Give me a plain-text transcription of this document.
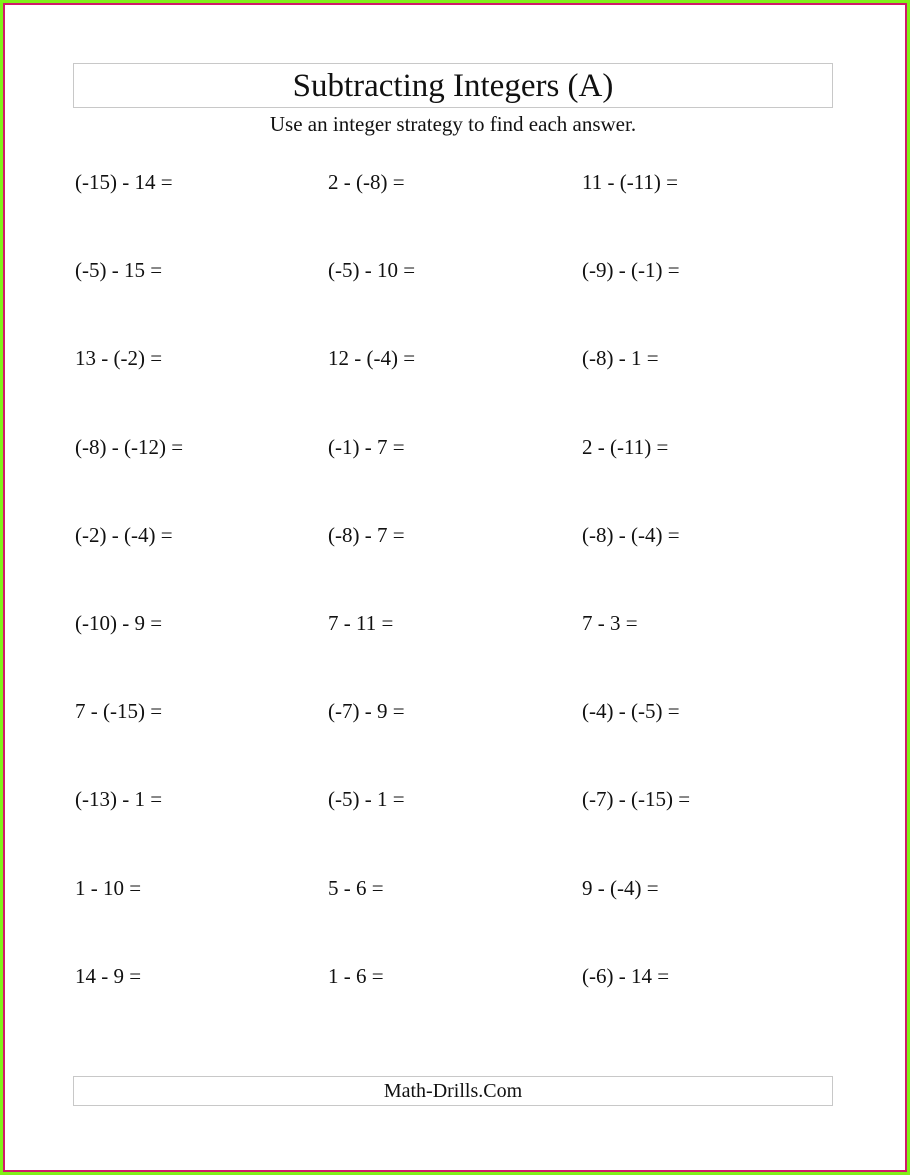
Subtracting Integers (A)
Use an integer strategy to find each answer.
(-15) - 14 =	2 - (-8) =	11 - (-11) =
(-5) - 15 =	(-5) - 10 =	(-9) - (-1) =
13 - (-2) =	12 - (-4) =	(-8) - 1 =
(-8) - (-12) =	(-1) - 7 =	2 - (-11) =
(-2) - (-4) =	(-8) - 7 =	(-8) - (-4) =
(-10) - 9 =	7 - 11 =	7 - 3 =
7 - (-15) =	(-7) - 9 =	(-4) - (-5) =
(-13) - 1 =	(-5) - 1 =	(-7) - (-15) =
1 - 10 =	5 - 6 =	9 - (-4) =
14 - 9 =	1 - 6 =	(-6) - 14 =
Math-Drills.Com
